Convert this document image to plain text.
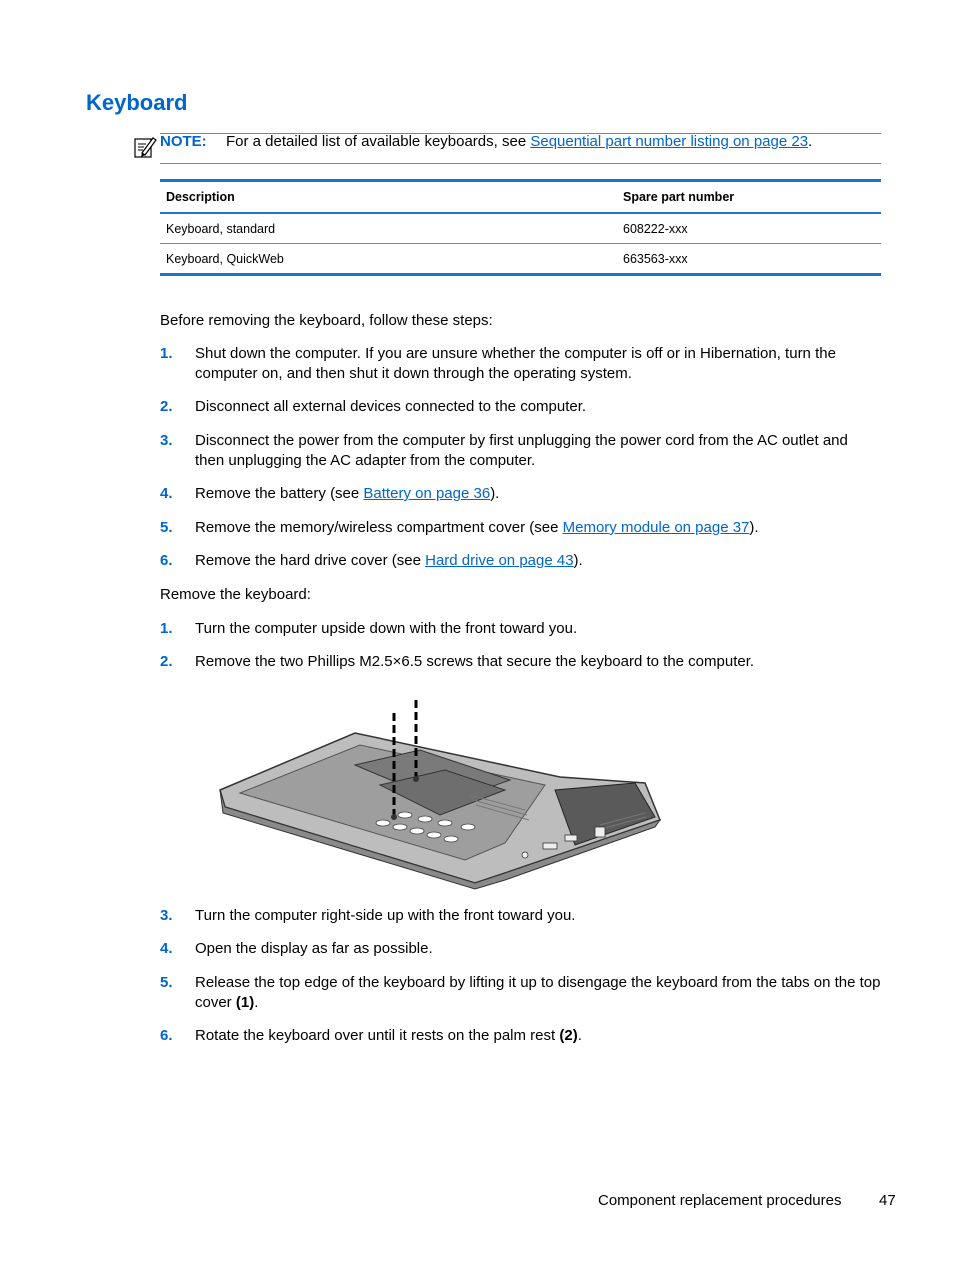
Keyboard
NOTE: For a detailed list of available keyboards, see Sequential part number listing on page 23.
Description	Spare part number
Keyboard, standard	608222-xxx
Keyboard, QuickWeb	663563-xxx
Before removing the keyboard, follow these steps:
1. Shut down the computer. If you are unsure whether the computer is off or in Hibernation, turn the computer on, and then shut it down through the operating system.
2. Disconnect all external devices connected to the computer.
3. Disconnect the power from the computer by first unplugging the power cord from the AC outlet and then unplugging the AC adapter from the computer.
4. Remove the battery (see Battery on page 36).
5. Remove the memory/wireless compartment cover (see Memory module on page 37).
6. Remove the hard drive cover (see Hard drive on page 43).
Remove the keyboard:
1. Turn the computer upside down with the front toward you.
2. Remove the two Phillips M2.5×6.5 screws that secure the keyboard to the computer.
3. Turn the computer right-side up with the front toward you.
4. Open the display as far as possible.
5. Release the top edge of the keyboard by lifting it up to disengage the keyboard from the tabs on the top cover (1).
6. Rotate the keyboard over until it rests on the palm rest (2).
Component replacement procedures	47
